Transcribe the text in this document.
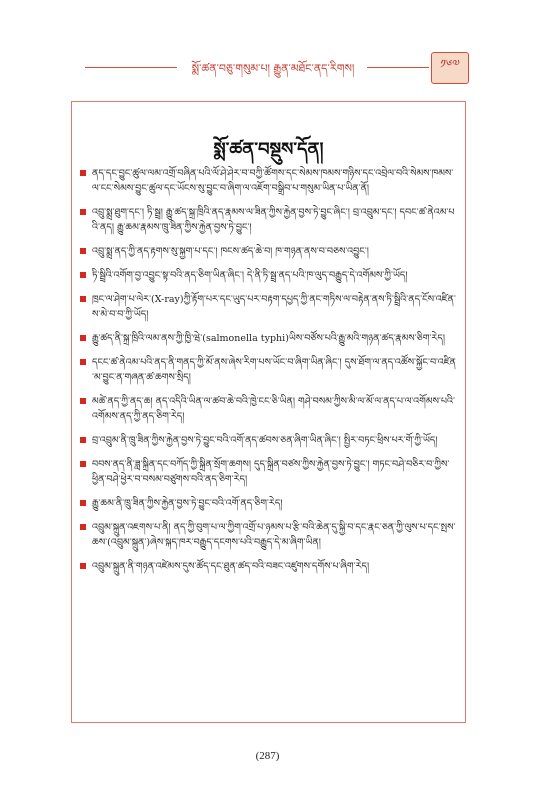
སྨོ་ཚན་བཅུ་གསུམ་པ། རྒྱུན་མཐོང་ནད་རིགས།	༡༦༧
སྨོ་ཚན་བསྡུས་དོན།
ནད་དང་བྱུང་ཚུལ་ལམ་འགྲོ་བཞིན་པའི་ལོ་ཤེ་ཤེར་བ་བཀྱི་ཚོགས་དང་སེམས་ཁམས་གཉིས་དང་འབྲེལ་བའི་སེམས་ཁམས་ལ་ངང་སེམས་བྱུང་ཚུལ་དང་ཡོངས་སུ་བྱུང་བ་ཞིག་ལ་འཇོག་བསྒྲིབ་པ་གསུམ་ཡིན་པ་ཡིན་ནོ།
འབྲུ་སྨྲ་ཐུག་དང་། ཏི་སྦྲ། རྒྱུ་ཚད་སྐྲ་ཁྲིའི་ནད་རྣམས་ལ་ཟིན་ཀྱིས་རྐྱེན་བྱས་ཏེ་བྱུང་ཞིང་། བྲ་འབྲུམ་དང་། དབང་ཚ་ནེའམ་པའི་ནད། རྒྱུ་ཆམ་རྣམས་ཁྲུ་ཟིན་ཀྱིས་རྐྱེན་བྱས་ཏེ་བྱུང་།
འབྲུ་སྨྲ་ནད་ཀྱི་ནད་རྟགས་སུ་སྐྱག་པ་དང་། ཁངས་ཚད་ཆེ་བ། ཁ་གཉན་ནས་བ་བཅས་འབྱུང་།
ཏི་སྦྲིའི་འགོག་བྱ་འབྱུང་སྟ་བའི་ནད་ཅིག་ཡིན་ཞིང་། དེ་ནི་ཏི་སྦྲ་ནད་པའི་ཁ་ལུད་བརྒྱུད་དེ་འགོམས་ཀྱི་ཡོད།
ཁྲང་ལ་ཤེག་པ་ལེར་(X-ray)ཀྱི་རྟོག་པར་དང་ཡུད་པར་བརྟག་དཔྱད་ཀྱི་ནང་གཏིས་ལ་བརྟེན་ནས་ཏི་སྦྲིའི་ནད་ངོས་འཛིན་ས་མེ་བ་བ་ཀྱི་ཡོད།
རྒྱུ་ཚད་ནི་སྐྲ་ཁྲིའི་ལམ་ནས་ཀྱི་ཁྱི་ཝེ་(salmonella typhi)ཡིས་བཙོས་པའི་རྒྱུ་མའི་གཉན་ཚད་རྣམས་ཅིག་རེད།
དངང་ཚ་ནེའམ་པའི་ནད་ནི་གནད་ཀྱི་མོ་ནས་ཞེས་རིག་པས་ཡོང་བ་ཞིག་ཡིན་ཞིང་། དུས་ཐོག་ལ་ནད་འཚོས་སྐྱོང་བ་འཛིན་མ་བྱུང་ན་གཞན་ཚ་ཆགས་སྲིད།
མཚེ་ནད་ཀྱི་ནད་ཆ། ནད་འདིའི་ཡིན་ལ་ཚབ་ཆེ་བའི་ཁྱེ་ངང་ཅི་ཡིན། གཤེ་བསམ་ཀྱིས་མི་ལ་མོ་ལ་ནད་པ་ལ་འགོམས་པའི་འགོམས་ནད་ཀྱི་ནད་ཅིག་རེད།
བྲ་འབྲུམ་ནི་ཁྲུ་ཟིན་ཀྱིས་རྐྱེན་བྱས་ཏེ་བྱུང་བའི་འགོ་ནད་ཚབས་ཅན་ཞིག་ཡིན་ཞིང་། སྤྱིར་བཏང་ཕྲིས་པར་གོ་ཀྱི་ཡོད།
བབས་ནད་ནི་ཟླ་སྐྲིན་དང་བཀོད་ཀྱི་སྐྲིན་སྲོག་ཆགས། དུད་སྐྲིན་བཙས་ཀྱིས་རྐྱེན་བྱས་ཏེ་བྱུང་། གཏང་བཤེ་བཅིར་བ་ཀྱིས་ཕྱིན་བཤེ་ཕྱེར་བ་བསམ་བཙུགས་བའི་ནད་ཅིག་རེད།
རྒྱུ་ཆམ་ནི་ཁྲུ་ཟིན་ཀྱིས་རྐྱེན་བྱས་ཏེ་བྱུང་བའི་འགོ་ནད་ཅིག་རེད།
འབྲུམ་སྐྲུན་འཇགས་པ་ནི། ནད་ཀྱི་བུག་པ་ལ་ཀྱིག་འགྲོ་པ་ཉམས་པ་རྩི་བའི་ཆེན་དུ་སྐྱི་བ་དང་རྣང་ཅན་ཀྱི་ལུས་པ་དང་སྤས་ཆས་(འབྲུམ་སྐྲུན་)ཞེས་སྐད་ཁར་བརྒྱུད་དངགས་པའི་བརྒྱུད་དེ་མ་ཞིག་ཡིན།
འབྲུམ་སྐྲུན་ནི་གཉན་འཛེམས་དུས་ཚོད་དང་ཐུན་ཚད་བའི་བཟང་འཛུགས་དགོས་པ་ཞིག་རེད།
(287)
